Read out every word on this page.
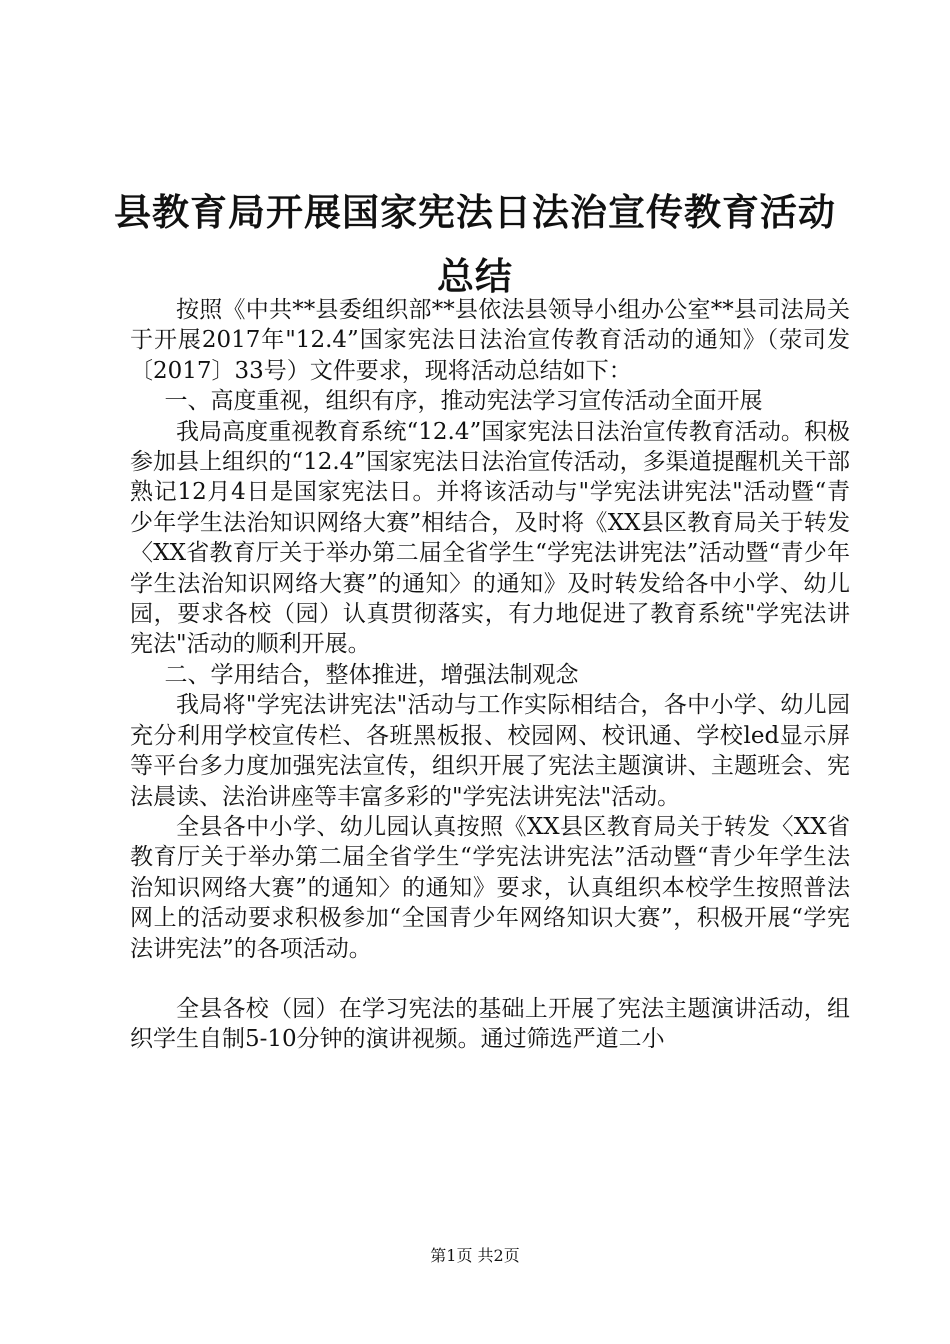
县教育局开展国家宪法日法治宣传教育活动总结

按照《中共**县委组织部**县依法县领导小组办公室**县司法局关于开展2017年"12.4”国家宪法日法治宣传教育活动的通知》（荥司发〔2017〕33号）文件要求，现将活动总结如下：

一、高度重视，组织有序，推动宪法学习宣传活动全面开展

我局高度重视教育系统“12.4”国家宪法日法治宣传教育活动。积极参加县上组织的“12.4”国家宪法日法治宣传活动，多渠道提醒机关干部熟记12月4日是国家宪法日。并将该活动与"学宪法讲宪法"活动暨“青少年学生法治知识网络大赛”相结合，及时将《XX县区教育局关于转发〈XX省教育厅关于举办第二届全省学生“学宪法讲宪法”活动暨“青少年学生法治知识网络大赛”的通知〉的通知》及时转发给各中小学、幼儿园，要求各校（园）认真贯彻落实，有力地促进了教育系统"学宪法讲宪法"活动的顺利开展。

二、学用结合，整体推进，增强法制观念

我局将"学宪法讲宪法"活动与工作实际相结合，各中小学、幼儿园充分利用学校宣传栏、各班黑板报、校园网、校讯通、学校led显示屏等平台多力度加强宪法宣传，组织开展了宪法主题演讲、主题班会、宪法晨读、法治讲座等丰富多彩的"学宪法讲宪法"活动。

全县各中小学、幼儿园认真按照《XX县区教育局关于转发〈XX省教育厅关于举办第二届全省学生“学宪法讲宪法”活动暨“青少年学生法治知识网络大赛”的通知〉的通知》要求，认真组织本校学生按照普法网上的活动要求积极参加“全国青少年网络知识大赛”，积极开展“学宪法讲宪法”的各项活动。

全县各校（园）在学习宪法的基础上开展了宪法主题演讲活动，组织学生自制5-10分钟的演讲视频。通过筛选严道二小

第1页 共2页
